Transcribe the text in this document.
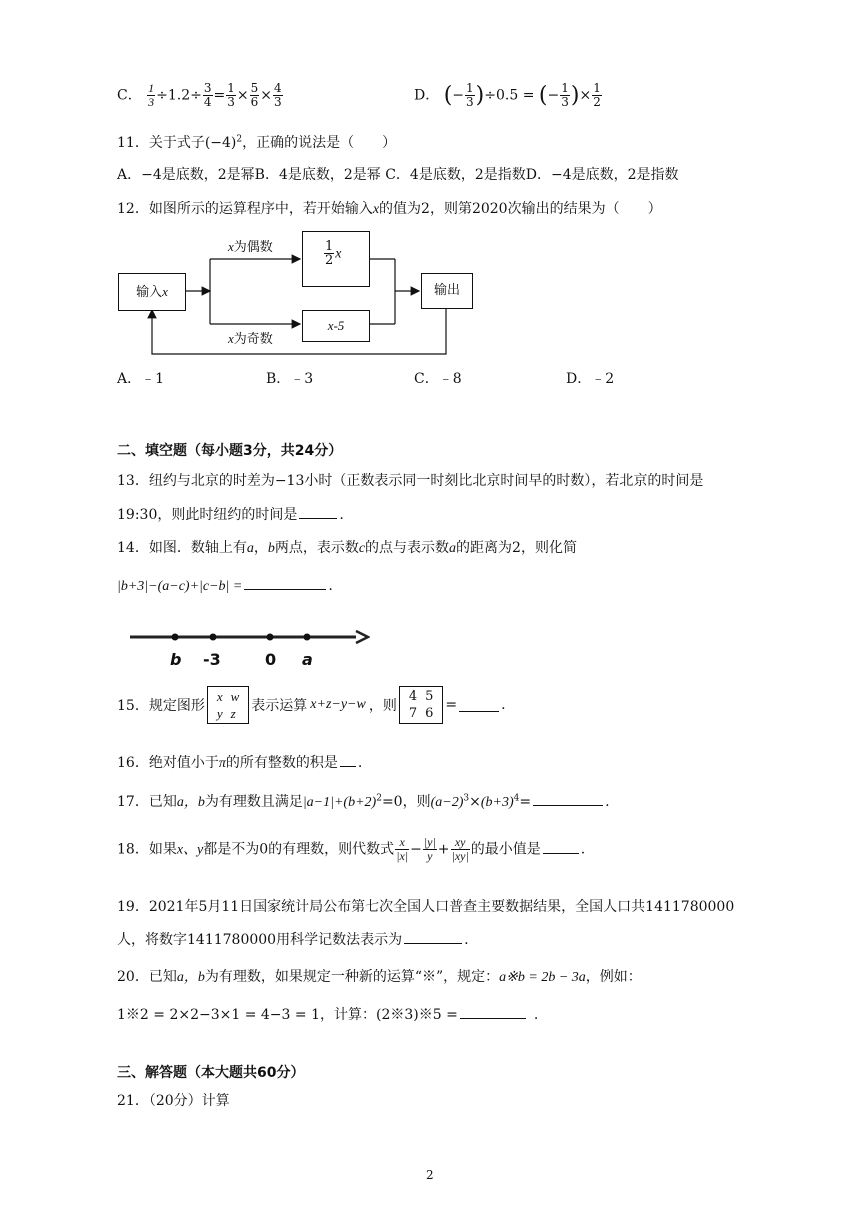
C． $\frac{1}{3} \div 1.2\div \frac{3}{4} = \frac{1}{3} \times \frac{5}{6} \times \frac{4}{3}$	D． (− $\frac{1}{3} )\div 0.5$ = (− $\frac{1}{3}$ )× $\frac{1}{2}$
11．关于式子$(-4)^2$，正确的说法是（　　）
A．−4是底数，2是幂B．4是底数，2是幂 C．4是底数，2是指数D．−4是底数，2是指数
12．如图所示的运算程序中，若开始输入x的值为2，则第2020次输出的结果为（　　）
输入x
x为偶数	$\frac{1}{2}$ x
x为奇数
x-5
输出
A．﹣1	B．﹣3	C．﹣8	D．﹣2
二、填空题（每小题3分，共24分）
13．纽约与北京的时差为−13小时（正数表示同一时刻比北京时间早的时数），若北京的时间是
19:30，则此时纽约的时间是	.
14．如图．数轴上有a，b两点，表示数c的点与表示数a的距离为2，则化简
|b+3|−(a−c)+|c−b| =	.
b -3	0 a
15．规定图形
x	w
y	z 表示运算 x+z−y−w ，则
4	5
7	6
=	.
16．绝对值小于π的所有整数的积是 .
17．已知a，b为有理数且满足$|a-1|+(b+2)^2=0$，则$(a-2)^3\times(b+3)^4=$	.
18．如果x、y都是不为0的有理数，则代数式 $\frac{x}{|x|} - \frac{|y|}{y} + \frac{xy}{|xy|}$ 的最小值是	.
19．2021年5月11日国家统计局公布第七次全国人口普查主要数据结果，全国人口共1411780000
人，将数字1411780000用科学记数法表示为	.
20．已知a，b为有理数，如果规定一种新的运算“※”，规定：a※b = 2b − 3a，例如：
1※2 = 2×2−3×1 = 4−3 = 1，计算：(2※3)※5 =	.
三、解答题（本大题共60分）
21．（20分）计算
2
